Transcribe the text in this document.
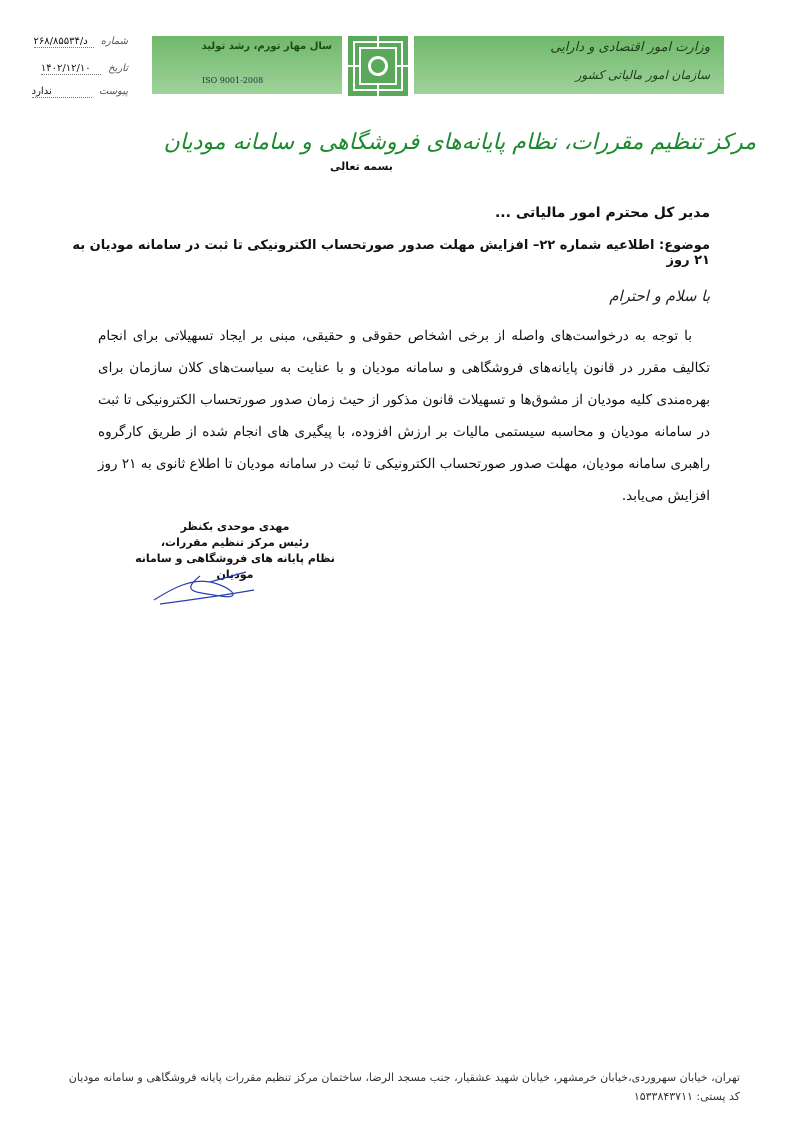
شماره د/۲۶۸/۸۵۵۳۴
تاریخ ۱۴۰۲/۱۲/۱۰
پیوست ندارد
سال مهار تورم، رشد تولید
ISO 9001-2008
وزارت امور اقتصادی و دارایی
سازمان امور مالیاتی کشور
مرکز تنظیم مقررات، نظام پایانه‌های فروشگاهی و سامانه مودیان
بسمه تعالی
مدیر کل محترم امور مالیاتی ...
موضوع: اطلاعیه شماره ۲۲– افزایش مهلت صدور صورتحساب الکترونیکی تا ثبت در سامانه مودیان به ۲۱ روز
با سلام و احترام
با توجه به درخواست‌های واصله از برخی اشخاص حقوقی و حقیقی، مبنی بر ایجاد تسهیلاتی برای انجام تکالیف مقرر در قانون پایانه‌های فروشگاهی و سامانه مودیان و با عنایت به سیاست‌های کلان سازمان برای بهره‌مندی کلیه مودیان از مشوق‌ها و تسهیلات قانون مذکور از حیث زمان صدور صورتحساب الکترونیکی تا ثبت در سامانه مودیان و محاسبه سیستمی مالیات بر ارزش افزوده، با پیگیری های انجام شده از طریق کارگروه راهبری سامانه مودیان، مهلت صدور صورتحساب الکترونیکی تا ثبت در سامانه مودیان تا اطلاع ثانوی به ۲۱ روز افزایش می‌یابد.
مهدی موحدی بکنظر
رئیس مرکز تنظیم مقررات،
نظام پایانه های فروشگاهی و سامانه مودیان
تهران، خیابان سهروردی،خیابان خرمشهر، خیابان شهید عشقیار، جنب مسجد الرضا، ساختمان مرکز تنظیم مقررات پایانه فروشگاهی و سامانه مودیان
کد پستی: ۱۵۳۳۸۴۳۷۱۱
